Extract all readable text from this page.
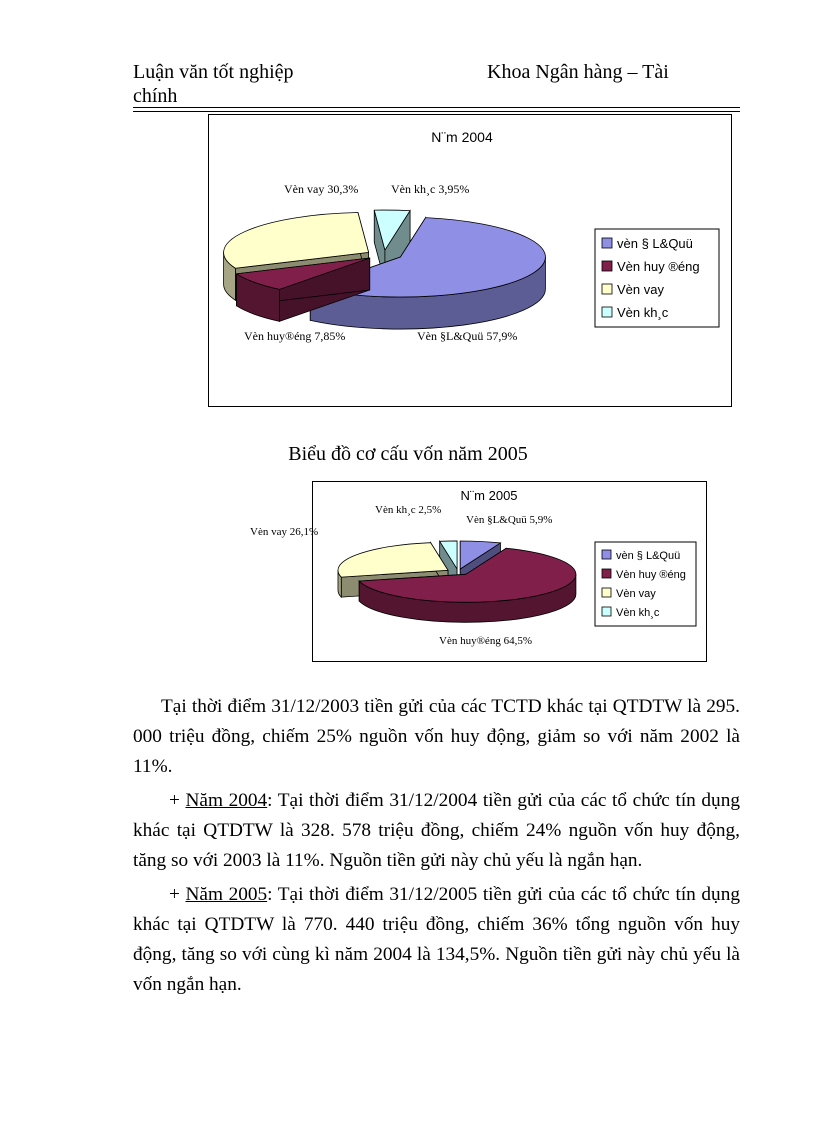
Luận văn tốt nghiệp	Khoa Ngân hàng – Tài
chính
N¨m 2004
Vèn §L&Quü 57,9%
Vèn huy®éng 7,85%
Vèn vay 30,3%	Vèn kh¸c 3,95%
vèn § L&Quü
Vèn huy ®éng
Vèn vay
Vèn kh¸c
Biểu đồ cơ cấu vốn năm 2005
N¨m 2005
Vèn §L&Quü 5,9%
Vèn huy®éng 64,5%
Vèn kh¸c 2,5%
vèn § L&Quü
Vèn huy ®éng
Vèn vay
Vèn kh¸c
Vèn vay 26,1%

Tại thời điểm 31/12/2003 tiền gửi của các TCTD khác tại QTDTW là 295. 000 triệu đồng, chiếm 25% nguồn vốn huy động, giảm so với năm 2002 là 11%.

+ Năm 2004: Tại thời điểm 31/12/2004 tiền gửi của các tổ chức tín dụng khác tại QTDTW là 328. 578 triệu đồng, chiếm 24% nguồn vốn huy động, tăng so với 2003 là 11%. Nguồn tiền gửi này chủ yếu là ngắn hạn.

+ Năm 2005: Tại thời điểm 31/12/2005 tiền gửi của các tổ chức tín dụng khác tại QTDTW là 770. 440 triệu đồng, chiếm 36% tổng nguồn vốn huy động, tăng so với cùng kì năm 2004 là 134,5%. Nguồn tiền gửi này chủ yếu là vốn ngắn hạn.
